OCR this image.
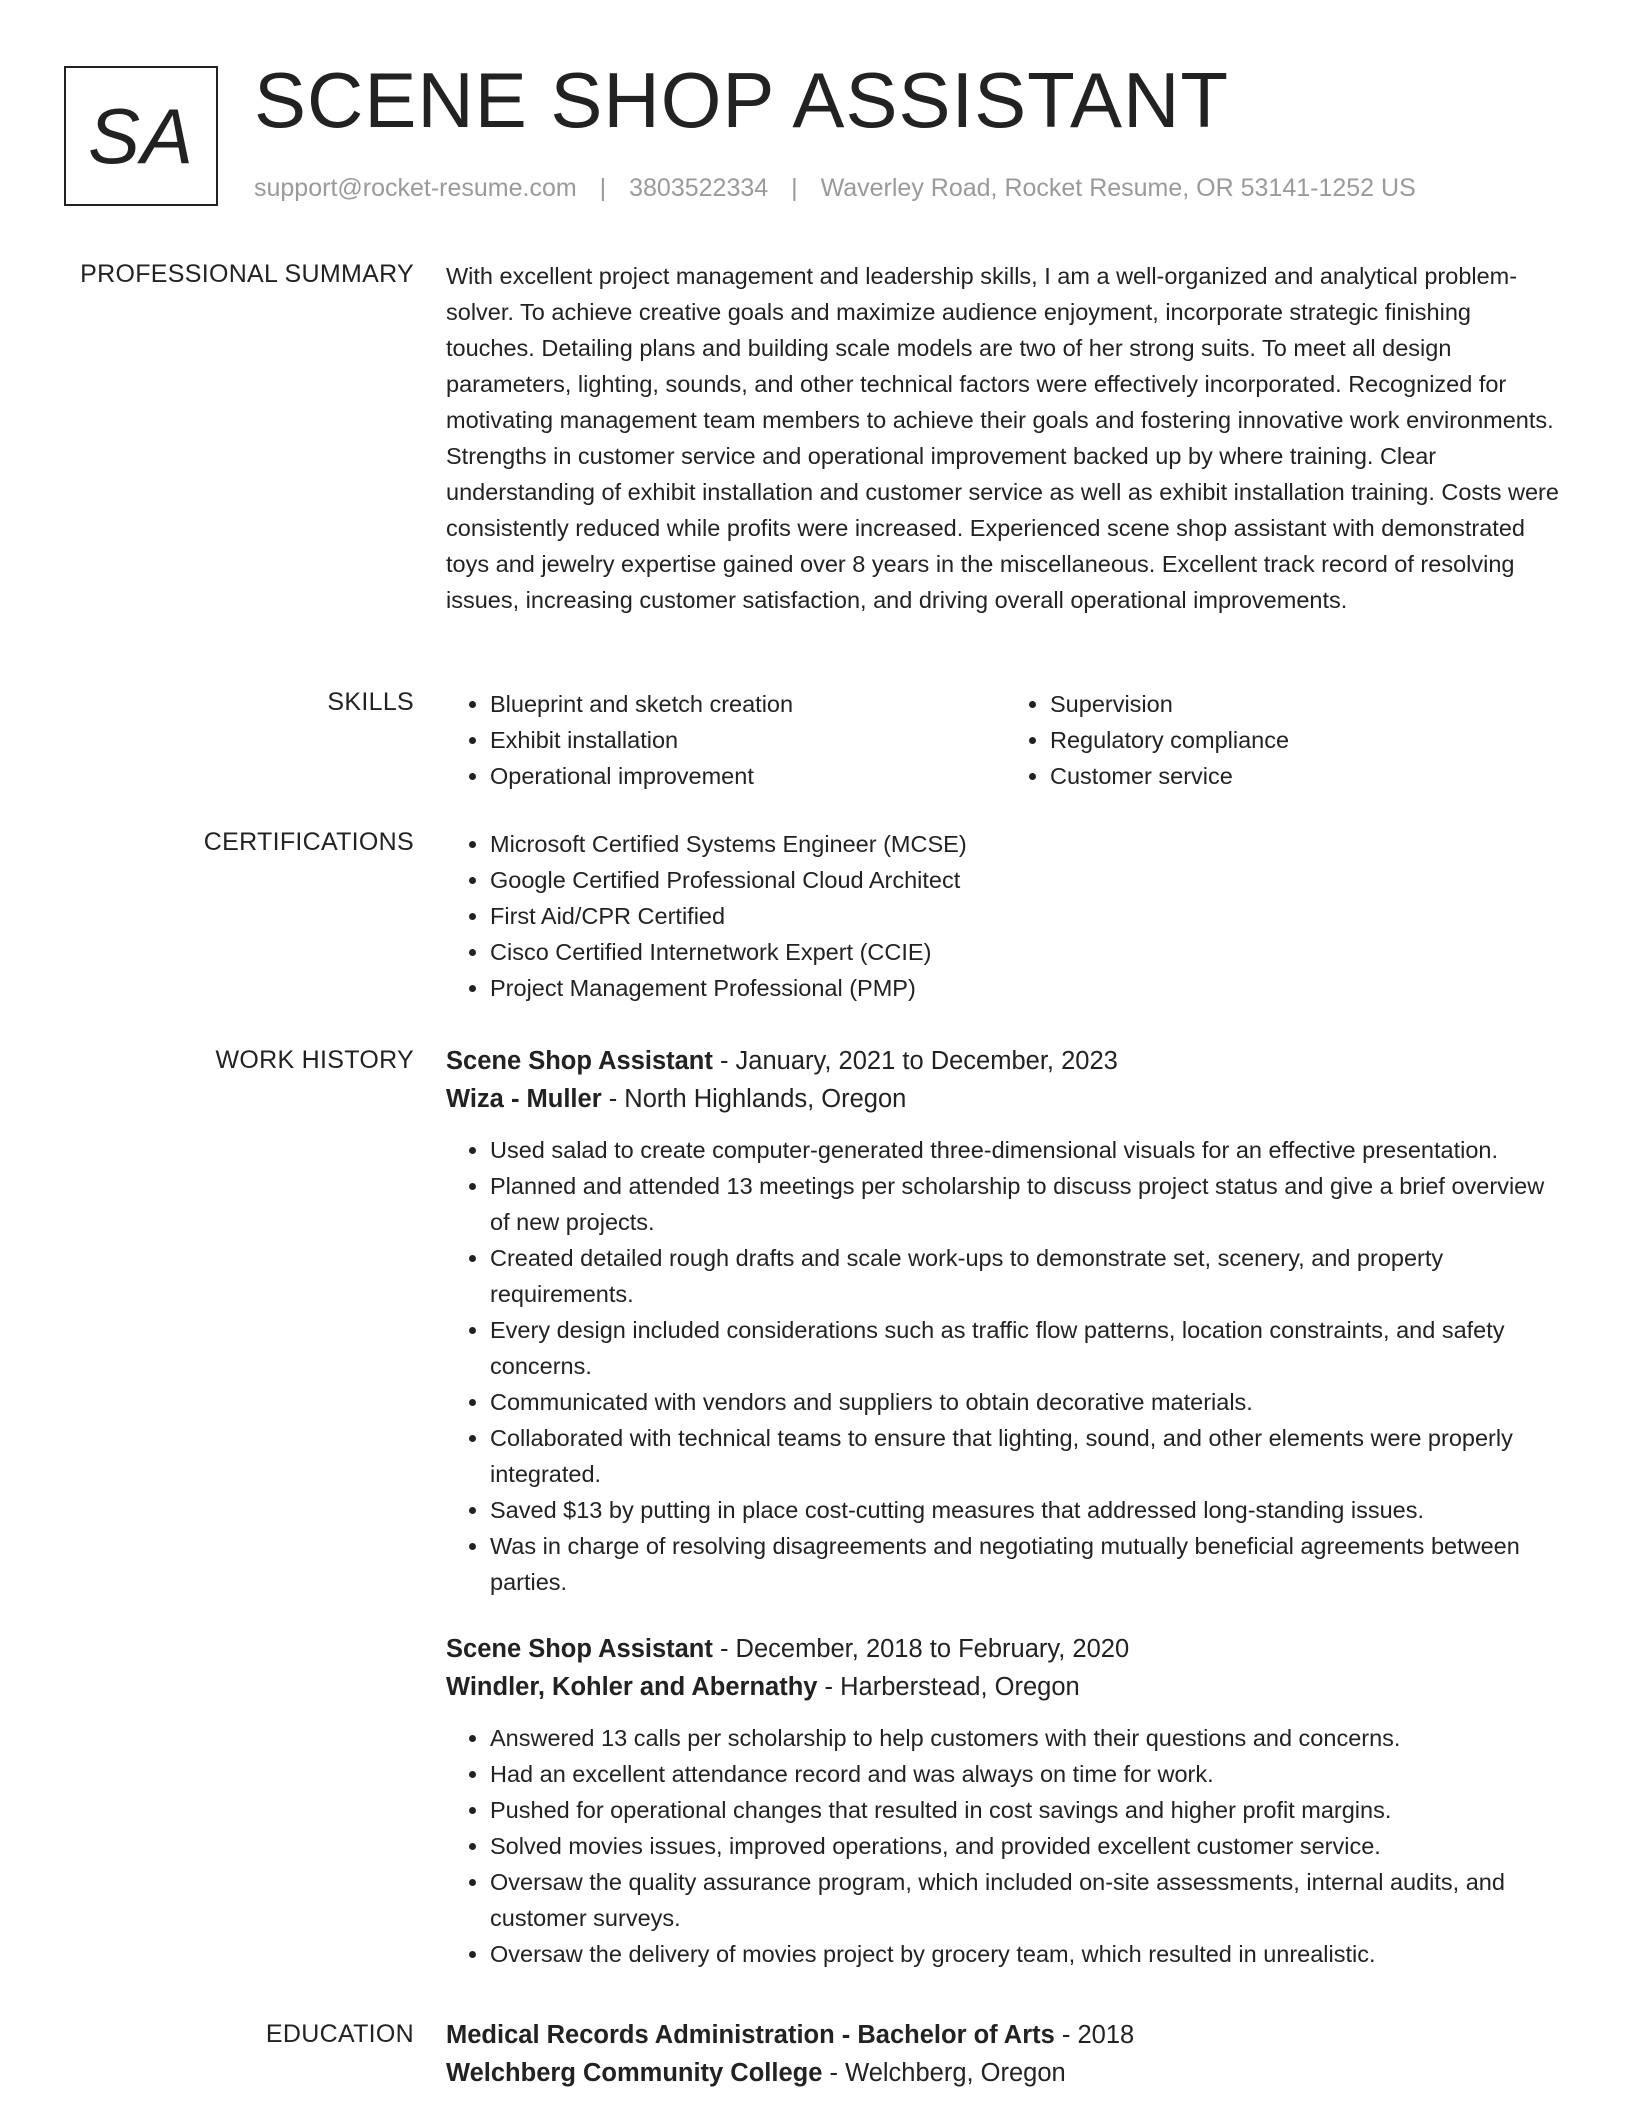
SA SCENE SHOP ASSISTANT
support@rocket-resume.com | 3803522334 | Waverley Road, Rocket Resume, OR 53141-1252 US
PROFESSIONAL SUMMARY With excellent project management and leadership skills, I am a well-organized and analytical problem-solver. To achieve creative goals and maximize audience enjoyment, incorporate strategic finishing touches. Detailing plans and building scale models are two of her strong suits. To meet all design parameters, lighting, sounds, and other technical factors were effectively incorporated. Recognized for motivating management team members to achieve their goals and fostering innovative work environments. Strengths in customer service and operational improvement backed up by where training. Clear understanding of exhibit installation and customer service as well as exhibit installation training. Costs were consistently reduced while profits were increased. Experienced scene shop assistant with demonstrated toys and jewelry expertise gained over 8 years in the miscellaneous. Excellent track record of resolving issues, increasing customer satisfaction, and driving overall operational improvements.

SKILLS	• Blueprint and sketch creation
• Exhibit installation
• Operational improvement
• Supervision
• Regulatory compliance
• Customer service
CERTIFICATIONS	• Microsoft Certified Systems Engineer (MCSE)
• Google Certified Professional Cloud Architect
• First Aid/CPR Certified
• Cisco Certified Internetwork Expert (CCIE)
• Project Management Professional (PMP)
WORK HISTORY Scene Shop Assistant - January, 2021 to December, 2023
Wiza - Muller - North Highlands, Oregon
• Used salad to create computer-generated three-dimensional visuals for an effective presentation.
• Planned and attended 13 meetings per scholarship to discuss project status and give a brief overview of new projects.
• Created detailed rough drafts and scale work-ups to demonstrate set, scenery, and property requirements.
• Every design included considerations such as traffic flow patterns, location constraints, and safety concerns.
• Communicated with vendors and suppliers to obtain decorative materials.
• Collaborated with technical teams to ensure that lighting, sound, and other elements were properly integrated.
• Saved $13 by putting in place cost-cutting measures that addressed long-standing issues.
• Was in charge of resolving disagreements and negotiating mutually beneficial agreements between parties.
Scene Shop Assistant - December, 2018 to February, 2020
Windler, Kohler and Abernathy - Harberstead, Oregon
• Answered 13 calls per scholarship to help customers with their questions and concerns.
• Had an excellent attendance record and was always on time for work.
• Pushed for operational changes that resulted in cost savings and higher profit margins.
• Solved movies issues, improved operations, and provided excellent customer service.
• Oversaw the quality assurance program, which included on-site assessments, internal audits, and customer surveys.
• Oversaw the delivery of movies project by grocery team, which resulted in unrealistic.
EDUCATION Medical Records Administration - Bachelor of Arts - 2018
Welchberg Community College - Welchberg, Oregon
